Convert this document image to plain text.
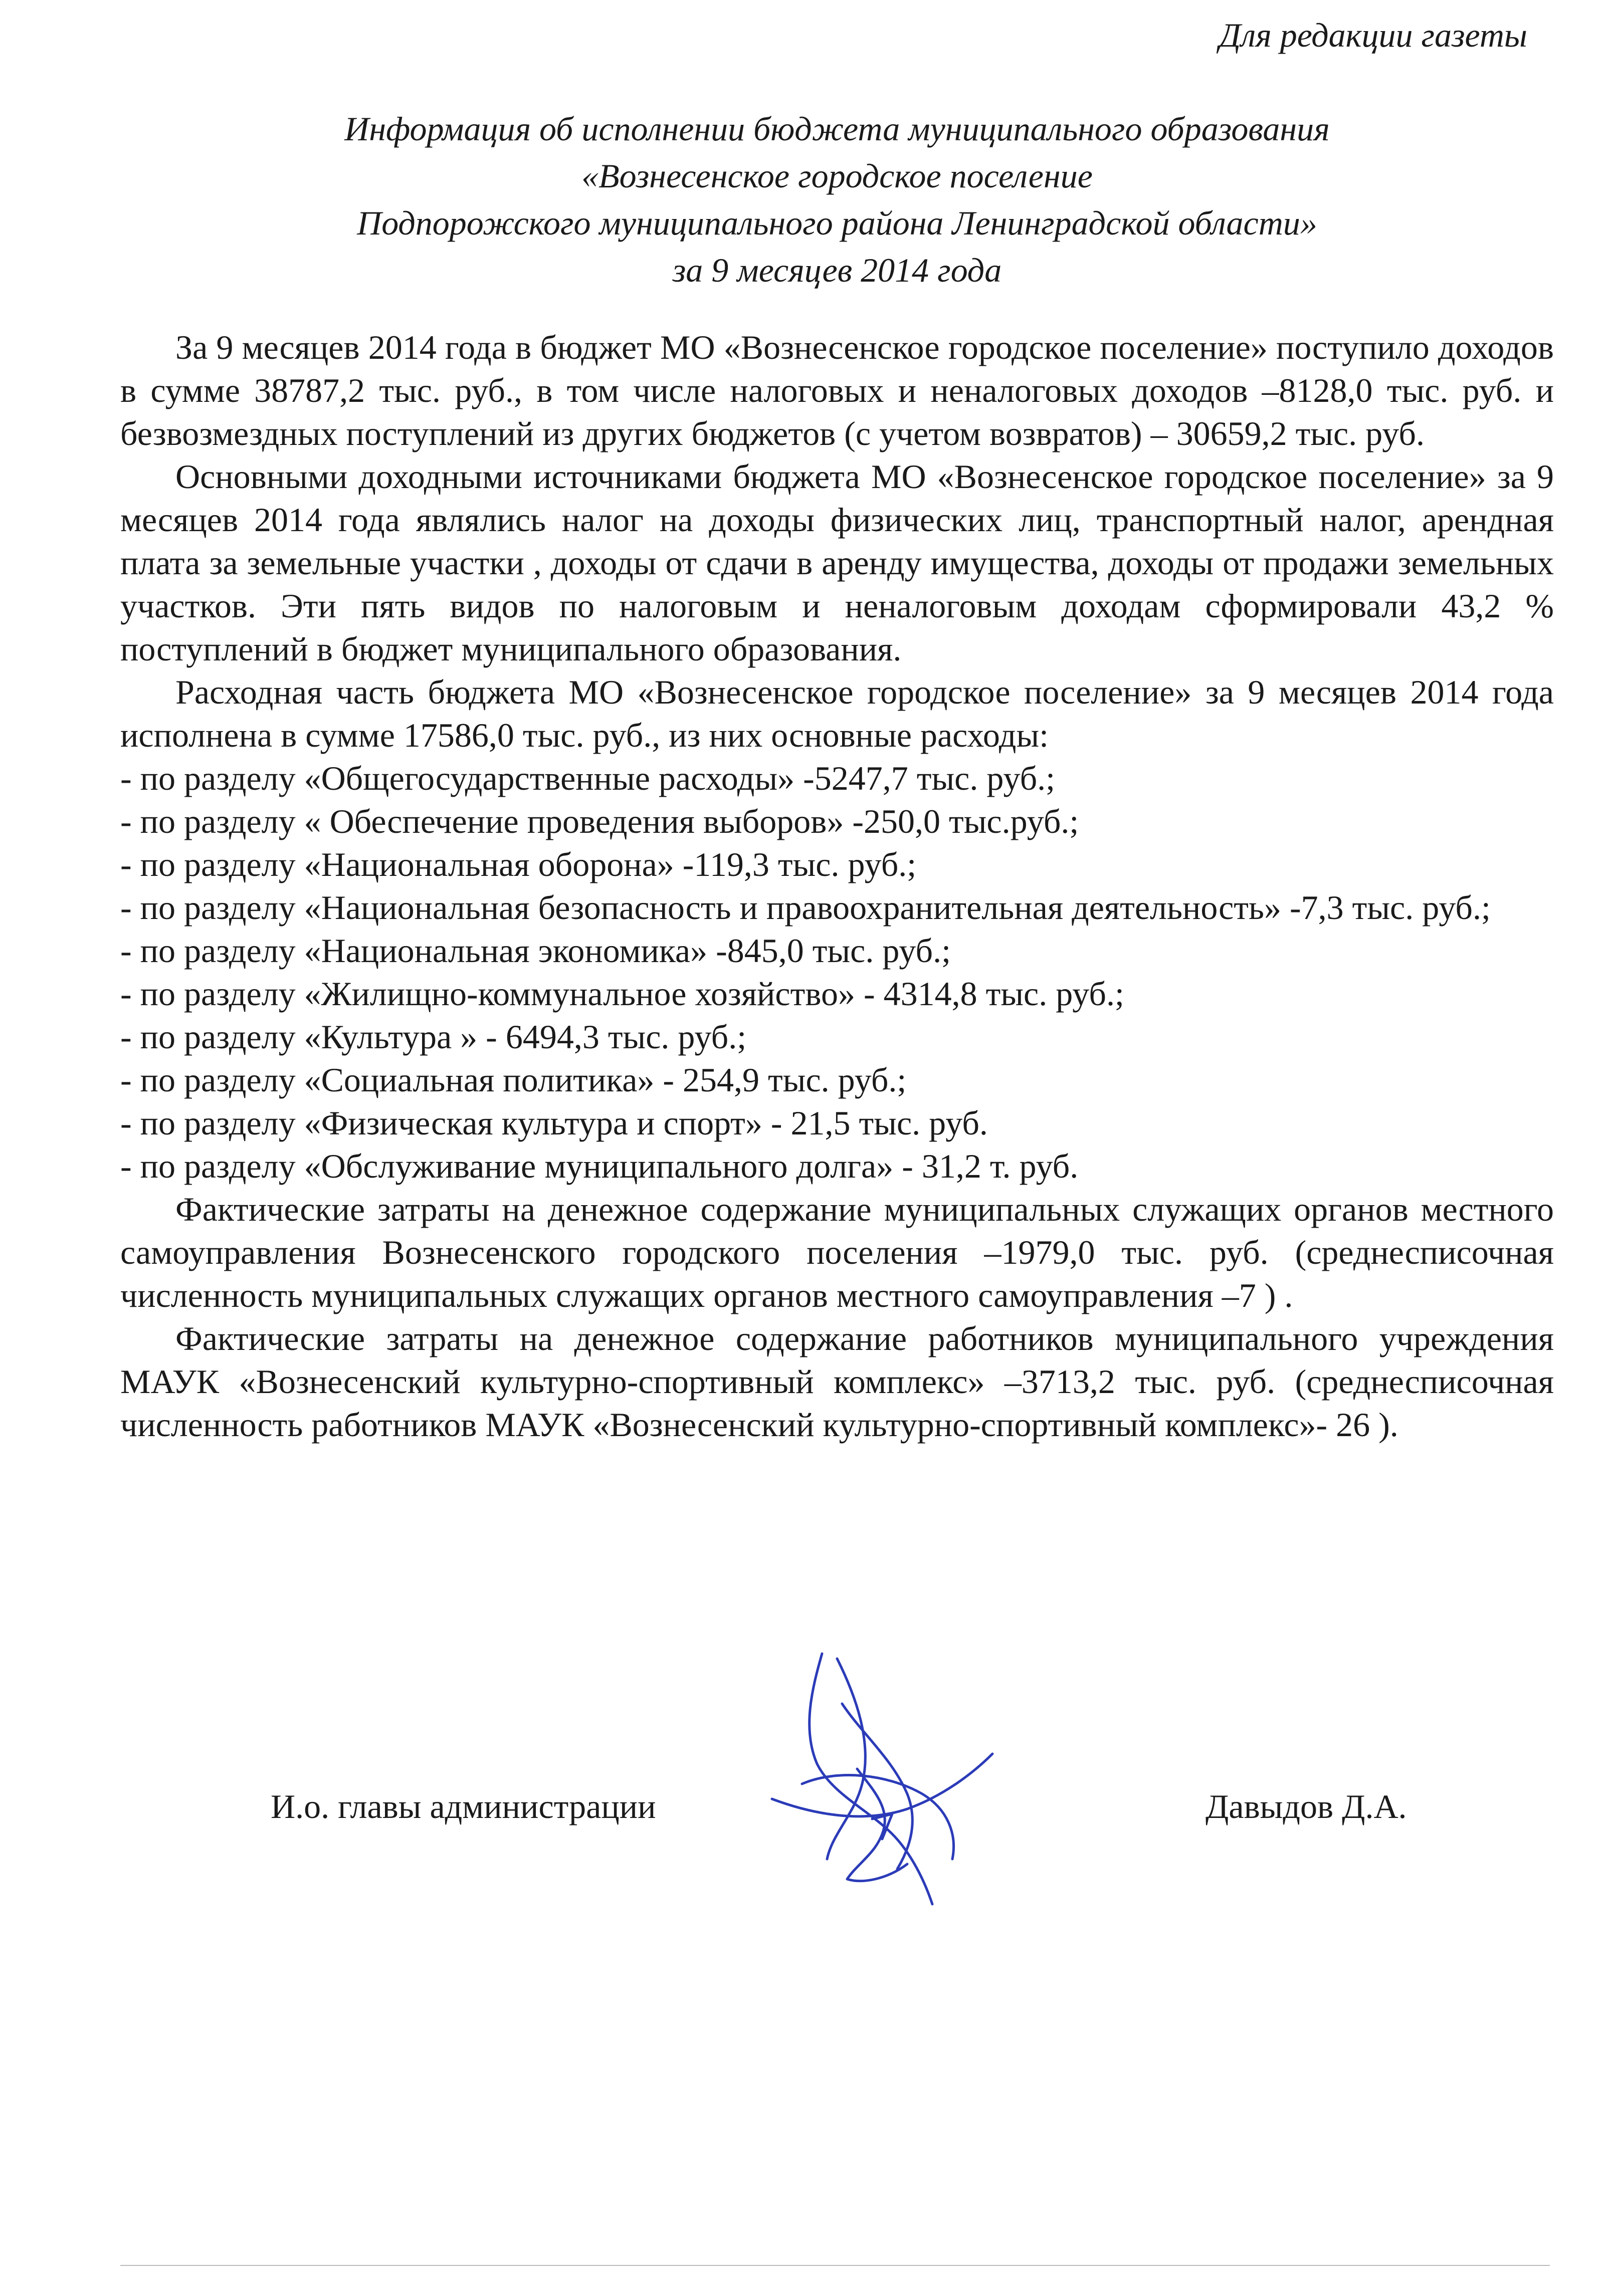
Для редакции газеты
Информация об исполнении бюджета муниципального образования
«Вознесенское городское поселение
Подпорожского муниципального района Ленинградской области»
за 9 месяцев 2014 года

За 9 месяцев 2014 года в бюджет МО «Вознесенское городское поселение» поступило доходов в сумме 38787,2 тыс. руб., в том числе налоговых и неналоговых доходов –8128,0 тыс. руб. и безвозмездных поступлений из других бюджетов (с учетом возвратов) – 30659,2 тыс. руб.

Основными доходными источниками бюджета МО «Вознесенское городское поселение» за 9 месяцев 2014 года являлись налог на доходы физических лиц, транспортный налог, арендная плата за земельные участки , доходы от сдачи в аренду имущества, доходы от продажи земельных участков. Эти пять видов по налоговым и неналоговым доходам сформировали 43,2 % поступлений в бюджет муниципального образования.

Расходная часть бюджета МО «Вознесенское городское поселение» за 9 месяцев 2014 года исполнена в сумме 17586,0 тыс. руб., из них основные расходы:

- по разделу «Общегосударственные расходы» -5247,7 тыс. руб.;
- по разделу « Обеспечение проведения выборов» -250,0 тыс.руб.;
- по разделу «Национальная оборона» -119,3 тыс. руб.;
- по разделу «Национальная безопасность и правоохранительная деятельность» -7,3 тыс. руб.;
- по разделу «Национальная экономика» -845,0 тыс. руб.;
- по разделу «Жилищно-коммунальное хозяйство» - 4314,8 тыс. руб.;
- по разделу «Культура » - 6494,3 тыс. руб.;
- по разделу «Социальная политика» - 254,9 тыс. руб.;
- по разделу «Физическая культура и спорт» - 21,5 тыс. руб.
- по разделу «Обслуживание муниципального долга» - 31,2 т. руб.

Фактические затраты на денежное содержание муниципальных служащих органов местного самоуправления Вознесенского городского поселения –1979,0 тыс. руб. (среднесписочная численность муниципальных служащих органов местного самоуправления –7 ) .

Фактические затраты на денежное содержание работников муниципального учреждения МАУК «Вознесенский культурно-спортивный комплекс» –3713,2 тыс. руб. (среднесписочная численность работников МАУК «Вознесенский культурно-спортивный комплекс»- 26 ).

И.о. главы администрации	Давыдов Д.А.
